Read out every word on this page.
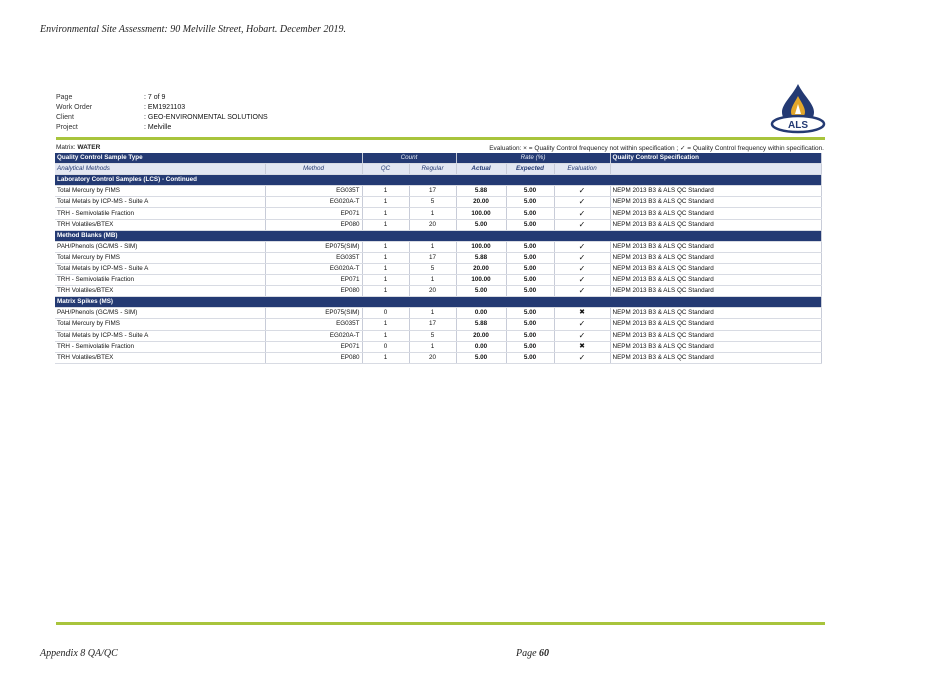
Environmental Site Assessment: 90 Melville Street, Hobart. December 2019.
Page	: 7 of 9
Work Order	: EM1921103
Client	: GEO-ENVIRONMENTAL SOLUTIONS
Project	: Melville	ALS
Matrix: WATER	Evaluation: × = Quality Control frequency not within specification ; ✓ = Quality Control frequency within specification.
Quality Control Sample Type		Count		Rate (%)			Quality Control Specification
Analytical Methods	Method	QC	Regular	Actual	Expected	Evaluation	
Laboratory Control Samples (LCS) - Continued							
Total Mercury by FIMS	EG035T	1	17	5.88	5.00	✓	NEPM 2013 B3 & ALS QC Standard
Total Metals by ICP-MS - Suite A	EG020A-T	1	5	20.00	5.00	✓	NEPM 2013 B3 & ALS QC Standard
TRH - Semivolatile Fraction	EP071	1	1	100.00	5.00	✓	NEPM 2013 B3 & ALS QC Standard
TRH Volatiles/BTEX	EP080	1	20	5.00	5.00	✓	NEPM 2013 B3 & ALS QC Standard
Method Blanks (MB)							
PAH/Phenols (GC/MS - SIM)	EP075(SIM)	1	1	100.00	5.00	✓	NEPM 2013 B3 & ALS QC Standard
Total Mercury by FIMS	EG035T	1	17	5.88	5.00	✓	NEPM 2013 B3 & ALS QC Standard
Total Metals by ICP-MS - Suite A	EG020A-T	1	5	20.00	5.00	✓	NEPM 2013 B3 & ALS QC Standard
TRH - Semivolatile Fraction	EP071	1	1	100.00	5.00	✓	NEPM 2013 B3 & ALS QC Standard
TRH Volatiles/BTEX	EP080	1	20	5.00	5.00	✓	NEPM 2013 B3 & ALS QC Standard
Matrix Spikes (MS)							
PAH/Phenols (GC/MS - SIM)	EP075(SIM)	0	1	0.00	5.00	✖	NEPM 2013 B3 & ALS QC Standard
Total Mercury by FIMS	EG035T	1	17	5.88	5.00	✓	NEPM 2013 B3 & ALS QC Standard
Total Metals by ICP-MS - Suite A	EG020A-T	1	5	20.00	5.00	✓	NEPM 2013 B3 & ALS QC Standard
TRH - Semivolatile Fraction	EP071	0	1	0.00	5.00	✖	NEPM 2013 B3 & ALS QC Standard
TRH Volatiles/BTEX	EP080	1	20	5.00	5.00	✓	NEPM 2013 B3 & ALS QC Standard
Appendix 8 QA/QC	Page 60
